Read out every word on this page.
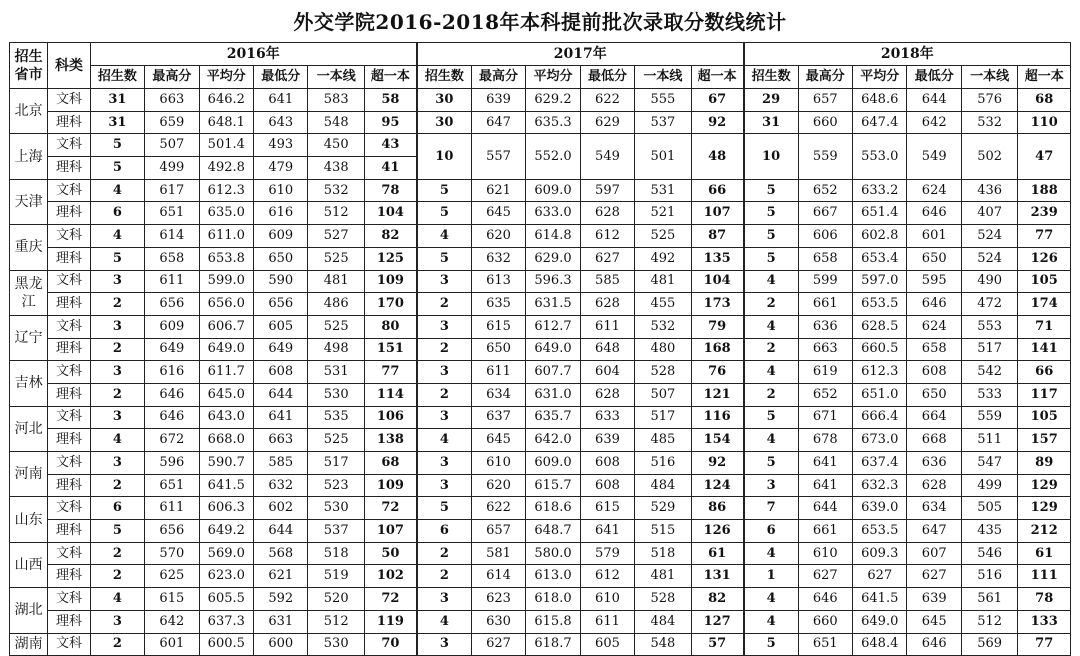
外交学院2016-2018年本科提前批次录取分数线统计
招生省市	科类	2016年						2017年						2018年					
		招生数	最高分	平均分	最低分	一本线	超一本	招生数	最高分	平均分	最低分	一本线	超一本	招生数	最高分	平均分	最低分	一本线	超一本
北京	文科	31	663	646.2	641	583	58	30	639	629.2	622	555	67	29	657	648.6	644	576	68
	理科	31	659	648.1	643	548	95	30	647	635.3	629	537	92	31	660	647.4	642	532	110
上海	文科	5	507	501.4	493	450	43	10	557	552.0	549	501	48	10	559	553.0	549	502	47
	理科	5	499	492.8	479	438	41												
天津	文科	4	617	612.3	610	532	78	5	621	609.0	597	531	66	5	652	633.2	624	436	188
	理科	6	651	635.0	616	512	104	5	645	633.0	628	521	107	5	667	651.4	646	407	239
重庆	文科	4	614	611.0	609	527	82	4	620	614.8	612	525	87	5	606	602.8	601	524	77
	理科	5	658	653.8	650	525	125	5	632	629.0	627	492	135	5	658	653.4	650	524	126
黑龙江	文科	3	611	599.0	590	481	109	3	613	596.3	585	481	104	4	599	597.0	595	490	105
	理科	2	656	656.0	656	486	170	2	635	631.5	628	455	173	2	661	653.5	646	472	174
辽宁	文科	3	609	606.7	605	525	80	3	615	612.7	611	532	79	4	636	628.5	624	553	71
	理科	2	649	649.0	649	498	151	2	650	649.0	648	480	168	2	663	660.5	658	517	141
吉林	文科	3	616	611.7	608	531	77	3	611	607.7	604	528	76	4	619	612.3	608	542	66
	理科	2	646	645.0	644	530	114	2	634	631.0	628	507	121	2	652	651.0	650	533	117
河北	文科	3	646	643.0	641	535	106	3	637	635.7	633	517	116	5	671	666.4	664	559	105
	理科	4	672	668.0	663	525	138	4	645	642.0	639	485	154	4	678	673.0	668	511	157
河南	文科	3	596	590.7	585	517	68	3	610	609.0	608	516	92	5	641	637.4	636	547	89
	理科	2	651	641.5	632	523	109	3	620	615.7	608	484	124	3	641	632.3	628	499	129
山东	文科	6	611	606.3	602	530	72	5	622	618.6	615	529	86	7	644	639.0	634	505	129
	理科	5	656	649.2	644	537	107	6	657	648.7	641	515	126	6	661	653.5	647	435	212
山西	文科	2	570	569.0	568	518	50	2	581	580.0	579	518	61	4	610	609.3	607	546	61
	理科	2	625	623.0	621	519	102	2	614	613.0	612	481	131	1	627	627	627	516	111
湖北	文科	4	615	605.5	592	520	72	3	623	618.0	610	528	82	4	646	641.5	639	561	78
	理科	3	642	637.3	631	512	119	4	630	615.8	611	484	127	4	660	649.0	645	512	133
湖南	文科	2	601	600.5	600	530	70	3	627	618.7	605	548	57	5	651	648.4	646	569	77
